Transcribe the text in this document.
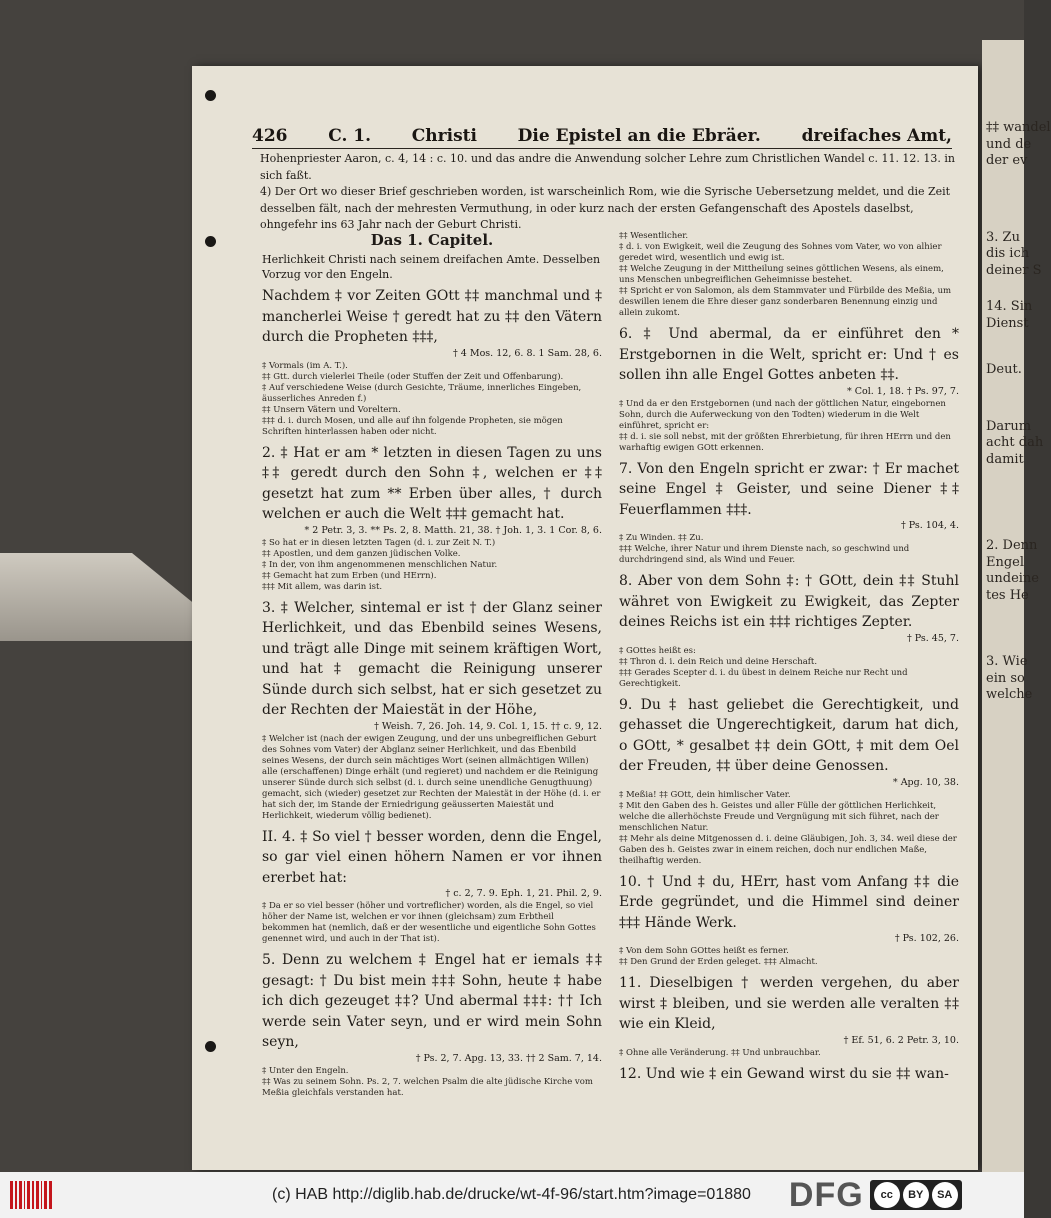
426 C. 1. Christi Die Epistel an die Ebräer. dreifaches Amt,

Hohenpriester Aaron, c. 4, 14 : c. 10. und das andre die Anwendung solcher Lehre zum Christlichen Wandel c. 11. 12. 13. in sich faßt.

4) Der Ort wo dieser Brief geschrieben worden, ist warscheinlich Rom, wie die Syrische Uebersetzung meldet, und die Zeit desselben fält, nach der mehresten Vermuthung, in oder kurz nach der ersten Gefangenschaft des Apostels daselbst, ohngefehr ins 63 Jahr nach der Geburt Christi.

Das 1. Capitel.
Herlichkeit Christi nach seinem dreifachen Amte. Desselben Vorzug vor den Engeln.

Nachdem ‡ vor Zeiten GOtt ‡‡ manchmal und ‡ mancherlei Weise † geredt hat zu ‡‡ den Vätern durch die Propheten ‡‡‡,

† 4 Mos. 12, 6. 8. 1 Sam. 28, 6.
‡ Vormals (im A. T.).
‡‡ Gtt. durch vielerlei Theile (oder Stuffen der Zeit und Offenbarung).
‡ Auf verschiedene Weise (durch Gesichte, Träume, innerliches Eingeben, äusserliches Anreden f.)
‡‡ Unsern Vätern und Voreltern.
‡‡‡ d. i. durch Mosen, und alle auf ihn folgende Propheten, sie mögen Schriften hinterlassen haben oder nicht.

2. ‡ Hat er am * letzten in diesen Tagen zu uns ‡‡ geredt durch den Sohn ‡, welchen er ‡‡ gesetzt hat zum ** Erben über alles, † durch welchen er auch die Welt ‡‡‡ gemacht hat.

* 2 Petr. 3, 3. ** Ps. 2, 8. Matth. 21, 38. † Joh. 1, 3. 1 Cor. 8, 6.
‡ So hat er in diesen letzten Tagen (d. i. zur Zeit N. T.)
‡‡ Apostlen, und dem ganzen jüdischen Volke.
‡ In der, von ihm angenommenen menschlichen Natur.
‡‡ Gemacht hat zum Erben (und HErrn).
‡‡‡ Mit allem, was darin ist.

3. ‡ Welcher, sintemal er ist † der Glanz seiner Herlichkeit, und das Ebenbild seines Wesens, und trägt alle Dinge mit seinem kräftigen Wort, und hat ‡ gemacht die Reinigung unserer Sünde durch sich selbst, hat er sich gesetzet zu der Rechten der Maiestät in der Höhe,

† Weish. 7, 26. Joh. 14, 9. Col. 1, 15. †† c. 9, 12.
‡ Welcher ist (nach der ewigen Zeugung, und der uns unbegreiflichen Geburt des Sohnes vom Vater) der Abglanz seiner Herlichkeit, und das Ebenbild seines Wesens, der durch sein mächtiges Wort (seinen allmächtigen Willen) alle (erschaffenen) Dinge erhält (und regieret) und nachdem er die Reinigung unserer Sünde durch sich selbst (d. i. durch seine unendliche Genugthuung) gemacht, sich (wieder) gesetzet zur Rechten der Maiestät in der Höhe (d. i. er hat sich der, im Stande der Erniedrigung geäusserten Maiestät und Herlichkeit, wiederum völlig bedienet).

II. 4. ‡ So viel † besser worden, denn die Engel, so gar viel einen höhern Namen er vor ihnen ererbet hat:

† c. 2, 7. 9. Eph. 1, 21. Phil. 2, 9.
‡ Da er so viel besser (höher und vortreflicher) worden, als die Engel, so viel höher der Name ist, welchen er vor ihnen (gleichsam) zum Erbtheil bekommen hat (nemlich, daß er der wesentliche und eigentliche Sohn Gottes genennet wird, und auch in der That ist).

5. Denn zu welchem ‡ Engel hat er iemals ‡‡ gesagt: † Du bist mein ‡‡‡ Sohn, heute ‡ habe ich dich gezeuget ‡‡? Und abermal ‡‡‡: †† Ich werde sein Vater seyn, und er wird mein Sohn seyn,

† Ps. 2, 7. Apg. 13, 33. †† 2 Sam. 7, 14.
‡ Unter den Engeln.
‡‡ Was zu seinem Sohn. Ps. 2, 7. welchen Psalm die alte jüdische Kirche vom Meßia gleichfals verstanden hat.
‡‡ Wesentlicher.
‡ d. i. von Ewigkeit, weil die Zeugung des Sohnes vom Vater, wo von alhier geredet wird, wesentlich und ewig ist.
‡‡ Welche Zeugung in der Mittheilung seines göttlichen Wesens, als einem, uns Menschen unbegreiflichen Geheimnisse bestehet.
‡‡ Spricht er von Salomon, als dem Stammvater und Fürbilde des Meßia, um deswillen ienem die Ehre dieser ganz sonderbaren Benennung einzig und allein zukomt.

6. ‡ Und abermal, da er einführet den * Erstgebornen in die Welt, spricht er: Und † es sollen ihn alle Engel Gottes anbeten ‡‡.

* Col. 1, 18. † Ps. 97, 7.
‡ Und da er den Erstgebornen (und nach der göttlichen Natur, eingebornen Sohn, durch die Auferweckung von den Todten) wiederum in die Welt einführet, spricht er:
‡‡ d. i. sie soll nebst, mit der größten Ehrerbietung, für ihren HErrn und den warhaftig ewigen GOtt erkennen.

7. Von den Engeln spricht er zwar: † Er machet seine Engel ‡ Geister, und seine Diener ‡‡ Feuerflammen ‡‡‡.

† Ps. 104, 4.
‡ Zu Winden. ‡‡ Zu.
‡‡‡ Welche, ihrer Natur und ihrem Dienste nach, so geschwind und durchdringend sind, als Wind und Feuer.

8. Aber von dem Sohn ‡: † GOtt, dein ‡‡ Stuhl währet von Ewigkeit zu Ewigkeit, das Zepter deines Reichs ist ein ‡‡‡ richtiges Zepter.

† Ps. 45, 7.
‡ GOttes heißt es:
‡‡ Thron d. i. dein Reich und deine Herschaft.
‡‡‡ Gerades Scepter d. i. du übest in deinem Reiche nur Recht und Gerechtigkeit.

9. Du ‡ hast geliebet die Gerechtigkeit, und gehasset die Ungerechtigkeit, darum hat dich, o GOtt, * gesalbet ‡‡ dein GOtt, ‡ mit dem Oel der Freuden, ‡‡ über deine Genossen.

* Apg. 10, 38.
‡ Meßia! ‡‡ GOtt, dein himlischer Vater.
‡ Mit den Gaben des h. Geistes und aller Fülle der göttlichen Herlichkeit, welche die allerhöchste Freude und Vergnügung mit sich führet, nach der menschlichen Natur.
‡‡ Mehr als deine Mitgenossen d. i. deine Gläubigen, Joh. 3, 34. weil diese der Gaben des h. Geistes zwar in einem reichen, doch nur endlichen Maße, theilhaftig werden.

10. † Und ‡ du, HErr, hast vom Anfang ‡‡ die Erde gegründet, und die Himmel sind deiner ‡‡‡ Hände Werk.

† Ps. 102, 26.
‡ Von dem Sohn GOttes heißt es ferner.
‡‡ Den Grund der Erden geleget. ‡‡‡ Almacht.

11. Dieselbigen † werden vergehen, du aber wirst ‡ bleiben, und sie werden alle veralten ‡‡ wie ein Kleid,

† Ef. 51, 6. 2 Petr. 3, 10.
‡ Ohne alle Veränderung. ‡‡ Und unbrauchbar.

12. Und wie ‡ ein Gewand wirst du sie ‡‡ wan-

‡‡ wandel
und de
der ev
3. Zu
dis ich
deiner S
14. Sin
Dienst
Deut.
Darum
acht dah
damit
2. Denn
Engel
undeine
tes He
3. Wie
ein so
welche
(c) HAB http://diglib.hab.de/drucke/wt-4f-96/start.htm?image=01880 DFG	cc	BY	SA
